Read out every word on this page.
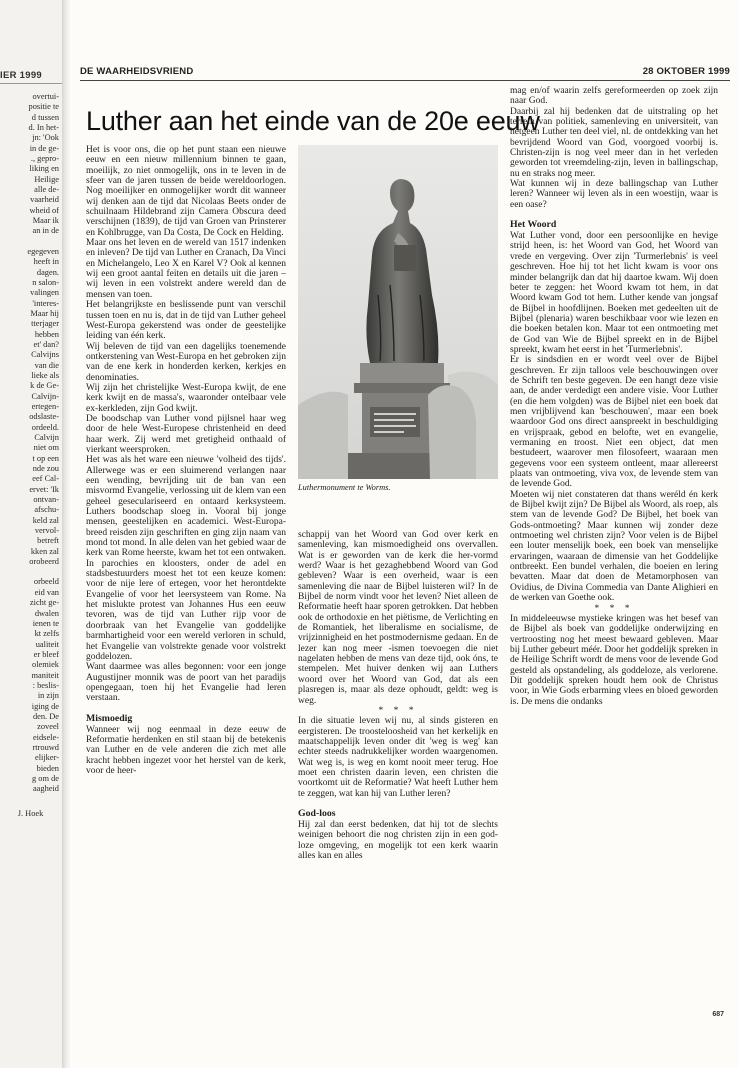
IER 1999

overtui-
positie te
d tussen
d. In het-
jn: 'Ook
in de ge-
., gepro-
liking en
Heilige
alle de-
vaarheid
wheid of
Maar ik
an in de

egegeven
heeft in
dagen.
n salon-
valingen
'interes-
Maar hij
tterjager
hebben
et' dan?
Calvijns
van die
lieke als
k de Ge-
Calvijn-
ertegen-
odslaste-
ordeeld.
Calvijn
niet om
t op een
nde zou
eef Cal-
ervet: 'Ik
ontvan-
afschu-
keld zal
vervol-
betreft
kken zal
orobeerd

orbeeld
eid van
zicht ge-
dwalen
ienen te
kt zelfs
ualiteit
er bleef
olemiek
maniteit
: beslis-
in zijn
iging de
den. De
zoveel
eidsele-
rtrouwd
elijker-
bieden
g om de
aagheid

J. Hoek
DE WAARHEIDSVRIEND	28 OKTOBER 1999
Luther aan het einde van de 20e eeuw

Het is voor ons, die op het punt staan een nieuwe eeuw en een nieuw millennium binnen te gaan, moeilijk, zo niet onmogelijk, ons in te leven in de sfeer van de jaren tussen de beide wereldoorlogen. Nog moeilijker en onmogelijker wordt dit wanneer wij denken aan de tijd dat Nicolaas Beets onder de schuilnaam Hildebrand zijn Camera Obscura deed verschijnen (1839), de tijd van Groen van Prinsterer en Kohlbrugge, van Da Costa, De Cock en Helding.

Maar ons het leven en de wereld van 1517 indenken en inleven? De tijd van Luther en Cranach, Da Vinci en Michelangelo, Leo X en Karel V? Ook al kennen wij een groot aantal feiten en details uit die jaren – wij leven in een volstrekt andere wereld dan de mensen van toen.

Het belangrijkste en beslissende punt van verschil tussen toen en nu is, dat in de tijd van Luther geheel West-Europa gekerstend was onder de geestelijke leiding van één kerk.

Wij beleven de tijd van een dagelijks toenemende ontkerstening van West-Europa en het gebroken zijn van de ene kerk in honderden kerken, kerkjes en denominaties.

Wij zijn het christelijke West-Europa kwijt, de ene kerk kwijt en de massa's, waaronder ontelbaar vele ex-kerkleden, zijn God kwijt.

De boodschap van Luther vond pijlsnel haar weg door de hele West-Europese christenheid en deed haar werk. Zij werd met gretigheid onthaald of vierkant weersproken.

Het was als het ware een nieuwe 'volheid des tijds'. Allerwege was er een sluimerend verlangen naar een wending, bevrijding uit de ban van een misvormd Evangelie, verlossing uit de klem van een geheel geseculariseerd en ontaard kerksysteem. Luthers boodschap sloeg in. Vooral bij jonge mensen, geestelijken en academici. West-Europa-breed reisden zijn geschriften en ging zijn naam van mond tot mond. In alle delen van het gebied waar de kerk van Rome heerste, kwam het tot een ontwaken. In parochies en kloosters, onder de adel en stadsbestuurders moest het tot een keuze komen: voor de nije lere of ertegen, voor het herontdekte Evangelie of voor het leersysteem van Rome. Na het mislukte protest van Johannes Hus een eeuw tevoren, was de tijd van Luther rijp voor de doorbraak van het Evangelie van goddelijke barmhartigheid voor een wereld verloren in schuld, het Evangelie van volstrekte genade voor volstrekt goddelozen.

Want daarmee was alles begonnen: voor een jonge Augustijner monnik was de poort van het paradijs opengegaan, toen hij het Evangelie had leren verstaan.

Mismoedig

Wanneer wij nog eenmaal in deze eeuw de Reformatie herdenken en stil staan bij de betekenis van Luther en de vele anderen die zich met alle kracht hebben ingezet voor het herstel van de kerk, voor de heer-

Luthermonument te Worms.

schappij van het Woord van God over kerk en samenleving, kan mismoedigheid ons overvallen. Wat is er geworden van de kerk die her-vormd werd? Waar is het gezaghebbend Woord van God gebleven? Waar is een overheid, waar is een samenleving die naar de Bijbel luisteren wil? In de Bijbel de norm vindt voor het leven? Niet alleen de Reformatie heeft haar sporen getrokken. Dat hebben ook de orthodoxie en het piëtisme, de Verlichting en de Romantiek, het liberalisme en socialisme, de vrijzinnigheid en het postmodernisme gedaan. En de lezer kan nog meer -ismen toevoegen die niet nagelaten hebben de mens van deze tijd, ook óns, te stempelen. Met huiver denken wij aan Luthers woord over het Woord van God, dat als een plasregen is, maar als deze ophoudt, geldt: weg is weg.

* * *

In die situatie leven wij nu, al sinds gisteren en eergisteren. De troosteloosheid van het kerkelijk en maatschappelijk leven onder dit 'weg is weg' kan echter steeds nadrukkelijker worden waargenomen. Wat weg is, is weg en komt nooit meer terug. Hoe moet een christen daarin leven, een christen die voortkomt uit de Reformatie? Wat heeft Luther hem te zeggen, wat kan hij van Luther leren?

God-loos

Hij zal dan eerst bedenken, dat hij tot de slechts weinigen behoort die nog christen zijn in een god-loze omgeving, en mogelijk tot een kerk waarin alles kan en alles

mag en/of waarin zelfs gereformeerden op zoek zijn naar God.

Daarbij zal hij bedenken dat de uitstraling op het terrein van politiek, samenleving en universiteit, van hetgeen Luther ten deel viel, nl. de ontdekking van het bevrijdend Woord van God, voorgoed voorbij is. Christen-zijn is nog veel meer dan in het verleden geworden tot vreemdeling-zijn, leven in ballingschap, nu en straks nog meer.

Wat kunnen wij in deze ballingschap van Luther leren? Wanneer wij leven als in een woestijn, waar is een oase?

Het Woord

Wat Luther vond, door een persoonlijke en hevige strijd heen, is: het Woord van God, het Woord van vrede en vergeving. Over zijn 'Turmerlebnis' is veel geschreven. Hoe hij tot het licht kwam is voor ons minder belangrijk dan dat hij daartoe kwam. Wij doen beter te zeggen: het Woord kwam tot hem, in dat Woord kwam God tot hem. Luther kende van jongsaf de Bijbel in hoofdlijnen. Boeken met gedeelten uit de Bijbel (plenaria) waren beschikbaar voor wie lezen en die boeken betalen kon. Maar tot een ontmoeting met de God van Wie de Bijbel spreekt en in de Bijbel spreekt, kwam het eerst in het 'Turmerlebnis'.

Er is sindsdien en er wordt veel over de Bijbel geschreven. Er zijn talloos vele beschouwingen over de Schrift ten beste gegeven. De een hangt deze visie aan, de ander verdedigt een andere visie. Voor Luther (en die hem volgden) was de Bijbel niet een boek dat men vrijblijvend kan 'beschouwen', maar een boek waardoor God ons direct aanspreekt in beschuldiging en vrijspraak, gebod en belofte, wet en evangelie, vermaning en troost. Niet een object, dat men bestudeert, waarover men filosofeert, waaraan men gegevens voor een systeem ontleent, maar allereerst plaats van ontmoeting, viva vox, de levende stem van de levende God.

Moeten wij niet constateren dat thans weréld én kerk de Bijbel kwijt zijn? De Bijbel als Woord, als roep, als stem van de levende God? De Bijbel, het boek van Gods-ontmoeting? Maar kunnen wij zonder deze ontmoeting wel christen zijn? Voor velen is de Bijbel een louter menselijk boek, een boek van menselijke ervaringen, waaraan de dimensie van het Goddelijke ontbreekt. Een bundel verhalen, die boeien en lering bevatten. Maar dat doen de Metamorphosen van Ovidius, de Divina Commedia van Dante Alighieri en de werken van Goethe ook.

* * *

In middeleeuwse mystieke kringen was het besef van de Bijbel als boek van goddelijke onderwijzing en vertroosting nog het meest bewaard gebleven. Maar bij Luther gebeurt méér. Door het goddelijk spreken in de Heilige Schrift wordt de mens voor de levende God gesteld als opstandeling, als goddeloze, als verlorene. Dit goddelijk spreken houdt hem ook de Christus voor, in Wie Gods erbarming vlees en bloed geworden is. De mens die ondanks

687
